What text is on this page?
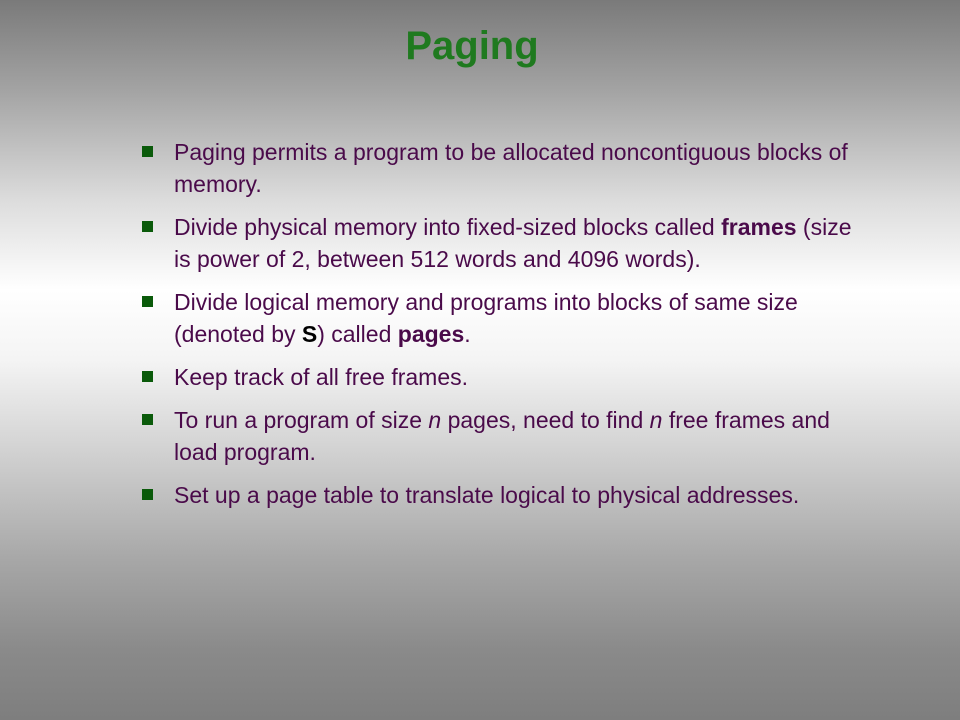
Paging
Paging permits a program to be allocated noncontiguous blocks of memory.
Divide physical memory into fixed-sized blocks called frames (size is power of 2, between 512 words and 4096 words).
Divide logical memory and programs into blocks of same size (denoted by S) called pages.
Keep track of all free frames.
To run a program of size n pages, need to find n free frames and load program.
Set up a page table to translate logical to physical addresses.
